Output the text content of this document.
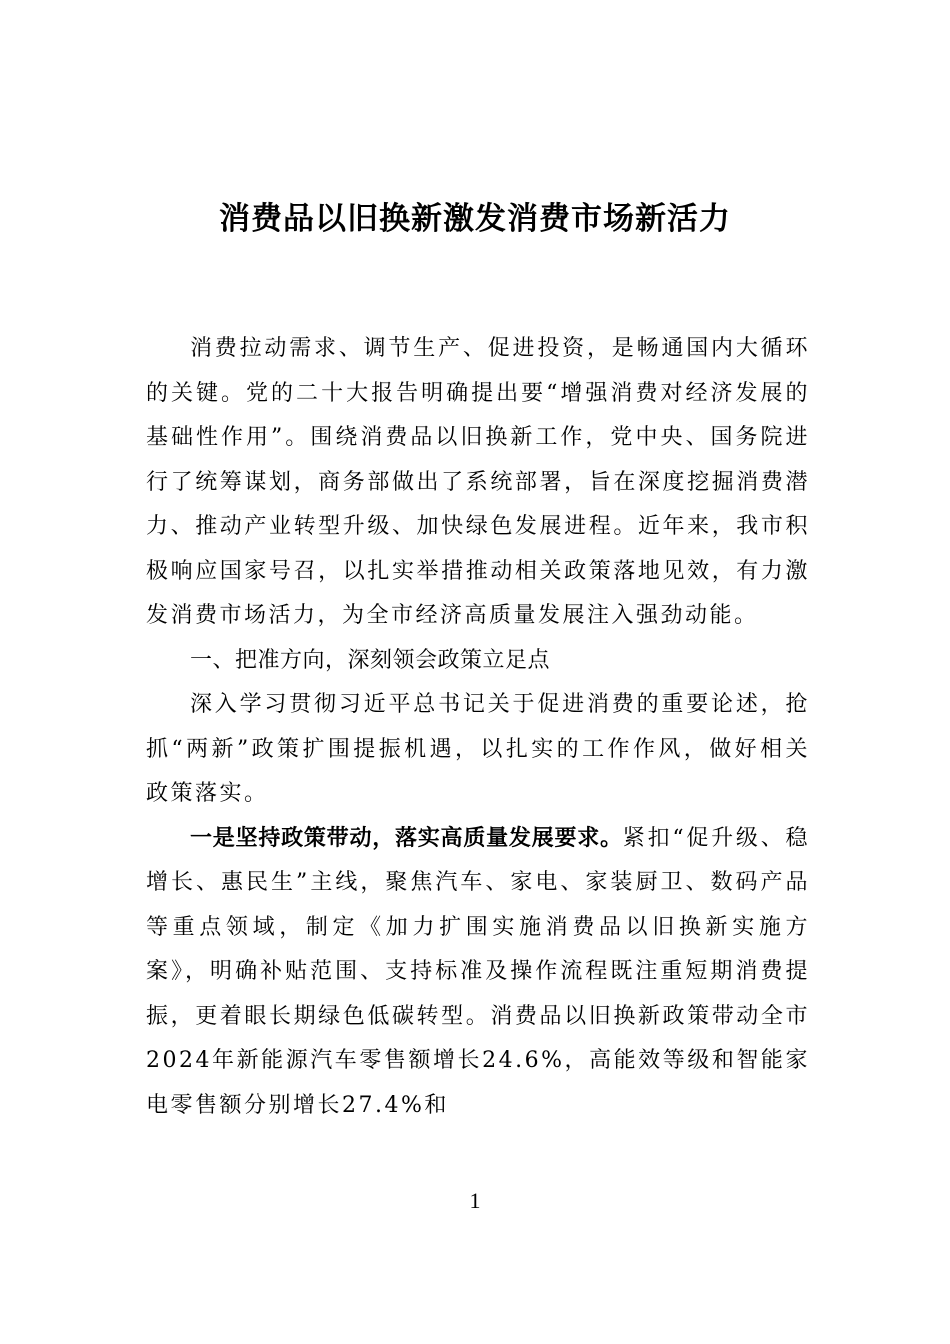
消费品以旧换新激发消费市场新活力

消费拉动需求、调节生产、促进投资，是畅通国内大循环的关键。党的二十大报告明确提出要“增强消费对经济发展的基础性作用”。围绕消费品以旧换新工作，党中央、国务院进行了统筹谋划，商务部做出了系统部署，旨在深度挖掘消费潜力、推动产业转型升级、加快绿色发展进程。近年来，我市积极响应国家号召，以扎实举措推动相关政策落地见效，有力激发消费市场活力，为全市经济高质量发展注入强劲动能。

一、把准方向，深刻领会政策立足点

深入学习贯彻习近平总书记关于促进消费的重要论述，抢抓“两新”政策扩围提振机遇，以扎实的工作作风，做好相关政策落实。

一是坚持政策带动，落实高质量发展要求。紧扣“促升级、稳增长、惠民生”主线，聚焦汽车、家电、家装厨卫、数码产品等重点领域，制定《加力扩围实施消费品以旧换新实施方案》，明确补贴范围、支持标准及操作流程既注重短期消费提振，更着眼长期绿色低碳转型。消费品以旧换新政策带动全市2024年新能源汽车零售额增长24.6%，高能效等级和智能家电零售额分别增长27.4%和

1
